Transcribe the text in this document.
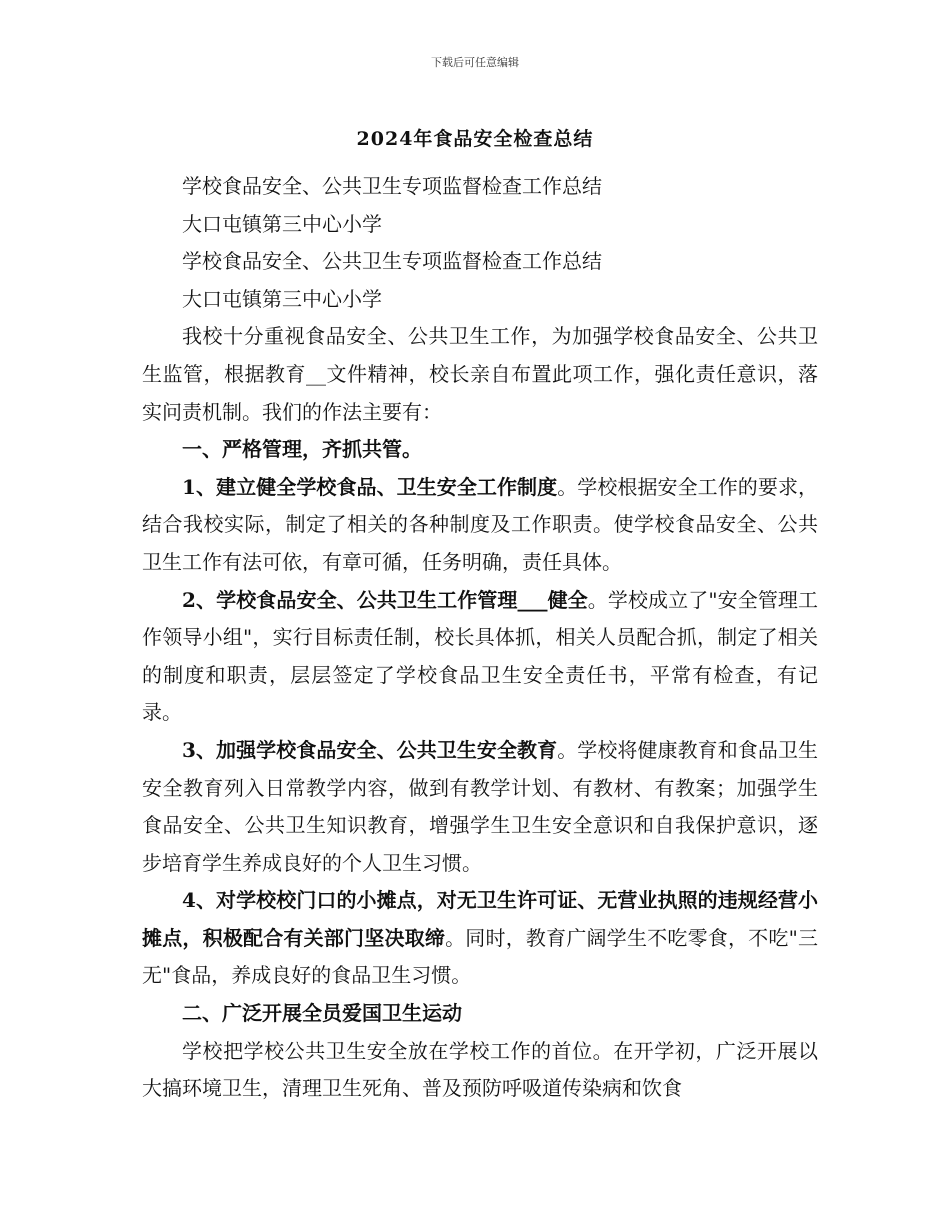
下载后可任意编辑
2024年食品安全检查总结

学校食品安全、公共卫生专项监督检查工作总结

大口屯镇第三中心小学

学校食品安全、公共卫生专项监督检查工作总结

大口屯镇第三中心小学

我校十分重视食品安全、公共卫生工作，为加强学校食品安全、公共卫生监管，根据教育__文件精神，校长亲自布置此项工作，强化责任意识，落实问责机制。我们的作法主要有：

一、严格管理，齐抓共管。

1、建立健全学校食品、卫生安全工作制度。学校根据安全工作的要求，结合我校实际，制定了相关的各种制度及工作职责。使学校食品安全、公共卫生工作有法可依，有章可循，任务明确，责任具体。

2、学校食品安全、公共卫生工作管理___健全。学校成立了"安全管理工作领导小组"，实行目标责任制，校长具体抓，相关人员配合抓，制定了相关的制度和职责，层层签定了学校食品卫生安全责任书，平常有检查，有记录。

3、加强学校食品安全、公共卫生安全教育。学校将健康教育和食品卫生安全教育列入日常教学内容，做到有教学计划、有教材、有教案；加强学生食品安全、公共卫生知识教育，增强学生卫生安全意识和自我保护意识，逐步培育学生养成良好的个人卫生习惯。

4、对学校校门口的小摊点，对无卫生许可证、无营业执照的违规经营小摊点，积极配合有关部门坚决取缔。同时，教育广阔学生不吃零食，不吃"三无"食品，养成良好的食品卫生习惯。

二、广泛开展全员爱国卫生运动

学校把学校公共卫生安全放在学校工作的首位。在开学初，广泛开展以大搞环境卫生，清理卫生死角、普及预防呼吸道传染病和饮食
